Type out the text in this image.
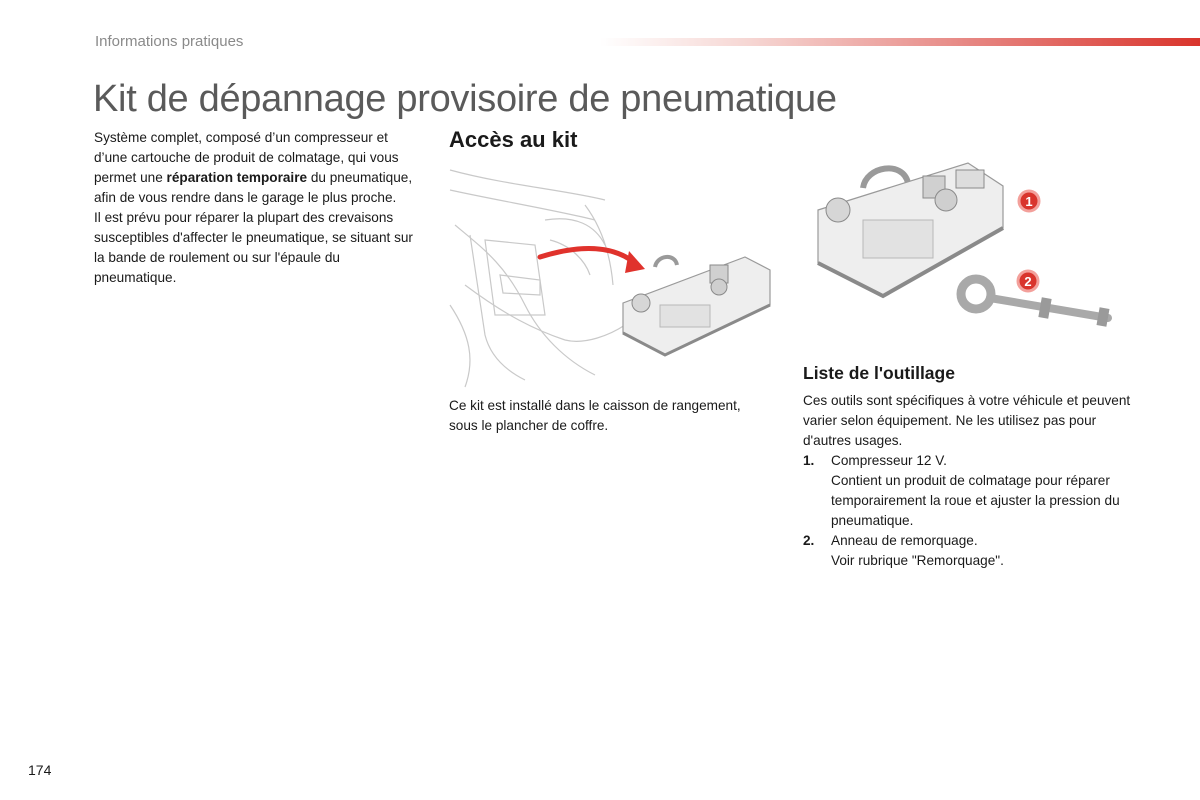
Informations pratiques
Kit de dépannage provisoire de pneumatique

Système complet, composé d’un compresseur et d’une cartouche de produit de colmatage, qui vous permet une réparation temporaire du pneumatique, afin de vous rendre dans le garage le plus proche.

Il est prévu pour réparer la plupart des crevaisons susceptibles d'affecter le pneumatique, se situant sur la bande de roulement ou sur l'épaule du pneumatique.

Accès au kit
Ce kit est installé dans le caisson de rangement, sous le plancher de coffre.
1
2
Liste de l'outillage

Ces outils sont spécifiques à votre véhicule et peuvent varier selon équipement. Ne les utilisez pas pour d'autres usages.

1. Compresseur 12 V.
Contient un produit de colmatage pour réparer temporairement la roue et ajuster la pression du pneumatique.
2. Anneau de remorquage.
Voir rubrique "Remorquage".
174
